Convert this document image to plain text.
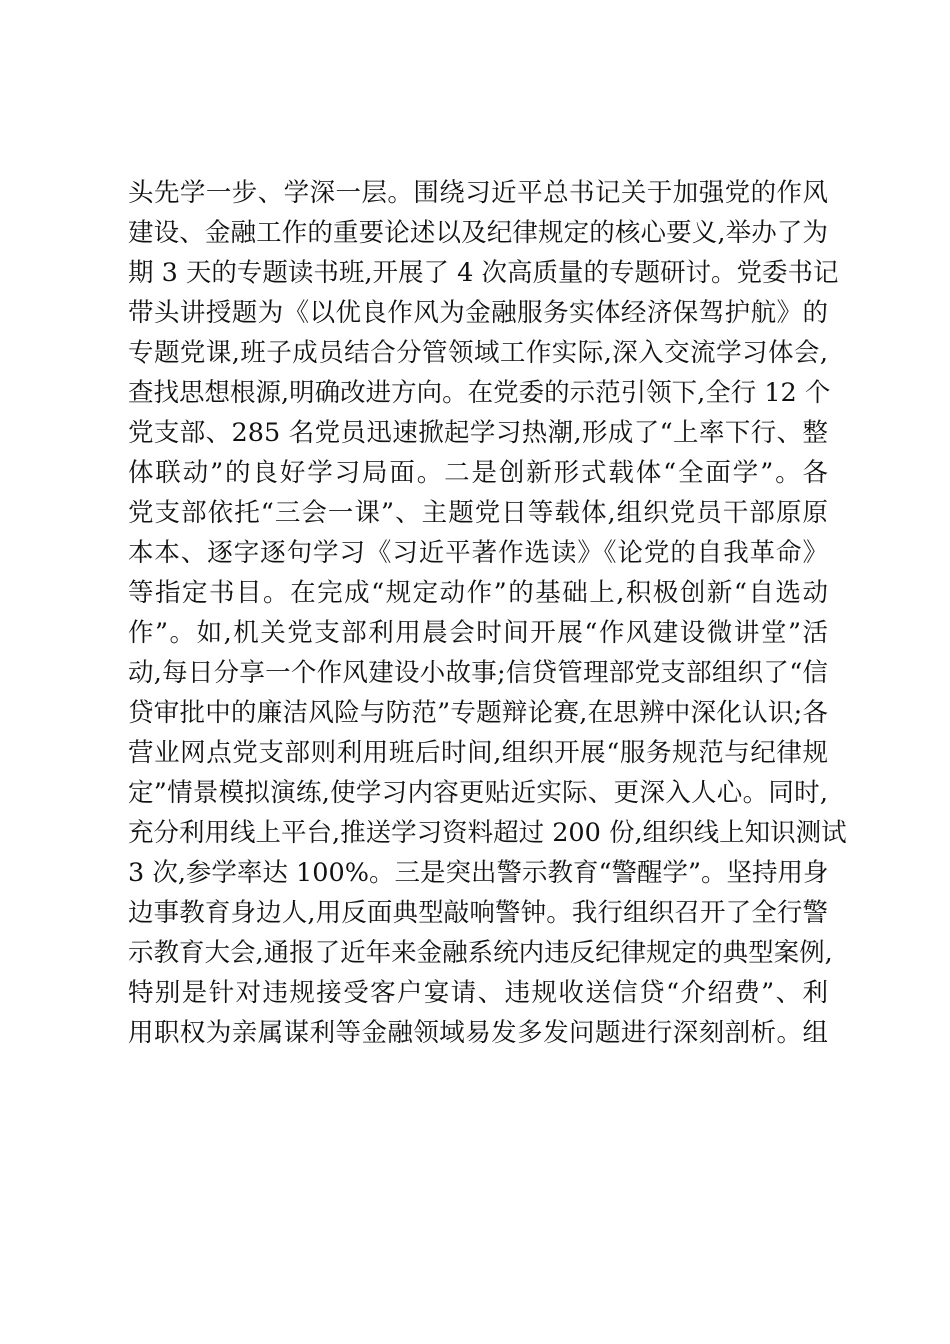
头先学一步、学深一层。围绕习近平总书记关于加强党的作风
建设、金融工作的重要论述以及纪律规定的核心要义,举办了为
期 3 天的专题读书班,开展了 4 次高质量的专题研讨。党委书记
带头讲授题为《以优良作风为金融服务实体经济保驾护航》的
专题党课,班子成员结合分管领域工作实际,深入交流学习体会,
查找思想根源,明确改进方向。在党委的示范引领下,全行 12 个
党支部、285 名党员迅速掀起学习热潮,形成了“上率下行、整
体联动”的良好学习局面。二是创新形式载体“全面学”。各
党支部依托“三会一课”、主题党日等载体,组织党员干部原原
本本、逐字逐句学习《习近平著作选读》《论党的自我革命》
等指定书目。在完成“规定动作”的基础上,积极创新“自选动
作”。如,机关党支部利用晨会时间开展“作风建设微讲堂”活
动,每日分享一个作风建设小故事;信贷管理部党支部组织了“信
贷审批中的廉洁风险与防范”专题辩论赛,在思辨中深化认识;各
营业网点党支部则利用班后时间,组织开展“服务规范与纪律规
定”情景模拟演练,使学习内容更贴近实际、更深入人心。同时,
充分利用线上平台,推送学习资料超过 200 份,组织线上知识测试
3 次,参学率达 100%。三是突出警示教育“警醒学”。坚持用身
边事教育身边人,用反面典型敲响警钟。我行组织召开了全行警
示教育大会,通报了近年来金融系统内违反纪律规定的典型案例,
特别是针对违规接受客户宴请、违规收送信贷“介绍费”、利
用职权为亲属谋利等金融领域易发多发问题进行深刻剖析。组
